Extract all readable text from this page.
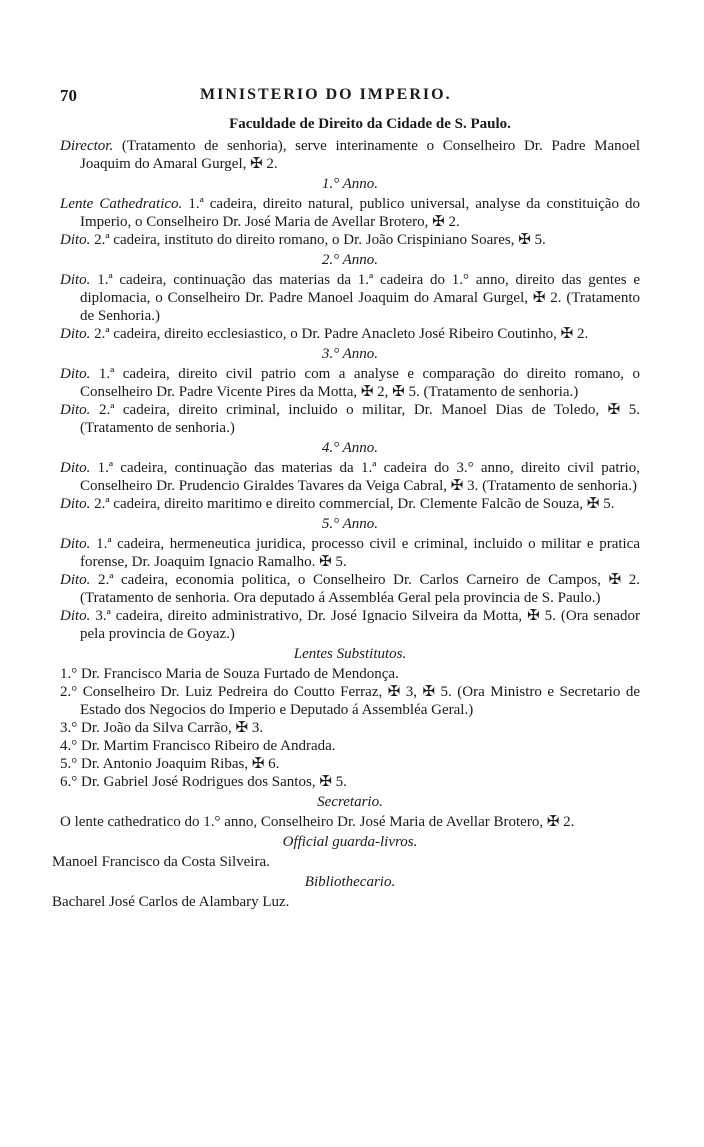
70	MINISTERIO DO IMPERIO.
Faculdade de Direito da Cidade de S. Paulo.

Director. (Tratamento de senhoria), serve interinamente o Conselheiro Dr. Padre Manoel Joaquim do Amaral Gurgel, ✠ 2.

1.° Anno.

Lente Cathedratico. 1.ª cadeira, direito natural, publico universal, analyse da constituição do Imperio, o Conselheiro Dr. José Maria de Avellar Brotero, ✠ 2.

Dito. 2.ª cadeira, instituto do direito romano, o Dr. João Crispiniano Soares, ✠ 5.

2.° Anno.

Dito. 1.ª cadeira, continuação das materias da 1.ª cadeira do 1.° anno, direito das gentes e diplomacia, o Conselheiro Dr. Padre Manoel Joaquim do Amaral Gurgel, ✠ 2. (Tratamento de Senhoria.)

Dito. 2.ª cadeira, direito ecclesiastico, o Dr. Padre Anacleto José Ribeiro Coutinho, ✠ 2.

3.° Anno.

Dito. 1.ª cadeira, direito civil patrio com a analyse e comparação do direito romano, o Conselheiro Dr. Padre Vicente Pires da Motta, ✠ 2, ✠ 5. (Tratamento de senhoria.)

Dito. 2.ª cadeira, direito criminal, incluido o militar, Dr. Manoel Dias de Toledo, ✠ 5. (Tratamento de senhoria.)

4.° Anno.

Dito. 1.ª cadeira, continuação das materias da 1.ª cadeira do 3.° anno, direito civil patrio, Conselheiro Dr. Prudencio Giraldes Tavares da Veiga Cabral, ✠ 3. (Tratamento de senhoria.)

Dito. 2.ª cadeira, direito maritimo e direito commercial, Dr. Clemente Falcão de Souza, ✠ 5.

5.° Anno.

Dito. 1.ª cadeira, hermeneutica juridica, processo civil e criminal, incluido o militar e pratica forense, Dr. Joaquim Ignacio Ramalho. ✠ 5.

Dito. 2.ª cadeira, economia politica, o Conselheiro Dr. Carlos Carneiro de Campos, ✠ 2. (Tratamento de senhoria. Ora deputado á Assembléa Geral pela provincia de S. Paulo.)

Dito. 3.ª cadeira, direito administrativo, Dr. José Ignacio Silveira da Motta, ✠ 5. (Ora senador pela provincia de Goyaz.)

Lentes Substitutos.

1.° Dr. Francisco Maria de Souza Furtado de Mendonça.

2.° Conselheiro Dr. Luiz Pedreira do Coutto Ferraz, ✠ 3, ✠ 5. (Ora Ministro e Secretario de Estado dos Negocios do Imperio e Deputado á Assembléa Geral.)

3.° Dr. João da Silva Carrão, ✠ 3.

4.° Dr. Martim Francisco Ribeiro de Andrada.

5.° Dr. Antonio Joaquim Ribas, ✠ 6.

6.° Dr. Gabriel José Rodrigues dos Santos, ✠ 5.

Secretario.

O lente cathedratico do 1.° anno, Conselheiro Dr. José Maria de Avellar Brotero, ✠ 2.

Official guarda-livros.

Manoel Francisco da Costa Silveira.

Bibliothecario.

Bacharel José Carlos de Alambary Luz.
